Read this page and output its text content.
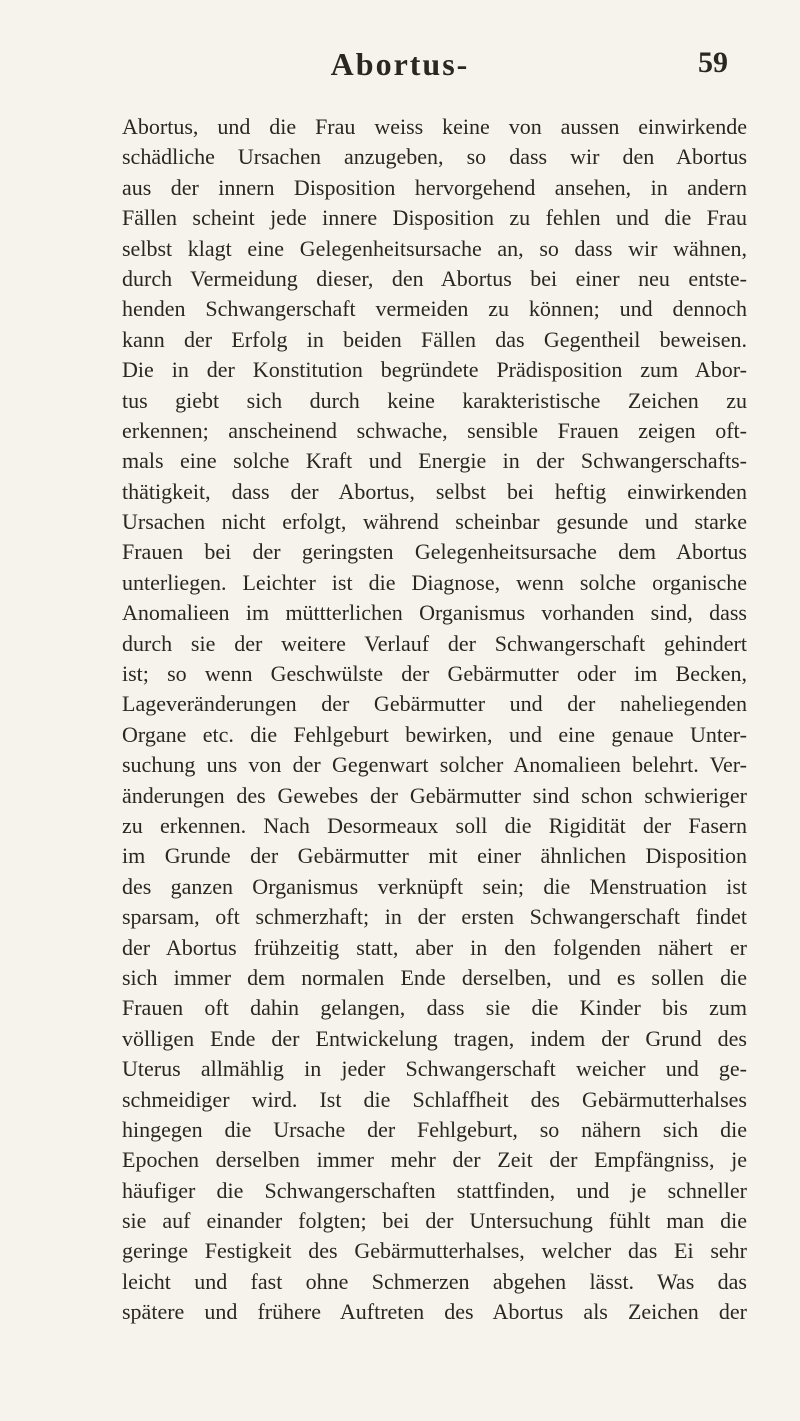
Abortus-	59
Abortus, und die Frau weiss keine von aussen einwirkende
schädliche Ursachen anzugeben, so dass wir den Abortus
aus der innern Disposition hervorgehend ansehen, in andern
Fällen scheint jede innere Disposition zu fehlen und die Frau
selbst klagt eine Gelegenheitsursache an, so dass wir wähnen,
durch Vermeidung dieser, den Abortus bei einer neu entste-
henden Schwangerschaft vermeiden zu können; und dennoch
kann der Erfolg in beiden Fällen das Gegentheil beweisen.
Die in der Konstitution begründete Prädisposition zum Abor-
tus giebt sich durch keine karakteristische Zeichen zu
erkennen; anscheinend schwache, sensible Frauen zeigen oft-
mals eine solche Kraft und Energie in der Schwangerschafts-
thätigkeit, dass der Abortus, selbst bei heftig einwirkenden
Ursachen nicht erfolgt, während scheinbar gesunde und starke
Frauen bei der geringsten Gelegenheitsursache dem Abortus
unterliegen. Leichter ist die Diagnose, wenn solche organische
Anomalieen im müttterlichen Organismus vorhanden sind, dass
durch sie der weitere Verlauf der Schwangerschaft gehindert
ist; so wenn Geschwülste der Gebärmutter oder im Becken,
Lageveränderungen der Gebärmutter und der naheliegenden
Organe etc. die Fehlgeburt bewirken, und eine genaue Unter-
suchung uns von der Gegenwart solcher Anomalieen belehrt. Ver-
änderungen des Gewebes der Gebärmutter sind schon schwieriger
zu erkennen. Nach Desormeaux soll die Rigidität der Fasern
im Grunde der Gebärmutter mit einer ähnlichen Disposition
des ganzen Organismus verknüpft sein; die Menstruation ist
sparsam, oft schmerzhaft; in der ersten Schwangerschaft findet
der Abortus frühzeitig statt, aber in den folgenden nähert er
sich immer dem normalen Ende derselben, und es sollen die
Frauen oft dahin gelangen, dass sie die Kinder bis zum
völligen Ende der Entwickelung tragen, indem der Grund des
Uterus allmählig in jeder Schwangerschaft weicher und ge-
schmeidiger wird. Ist die Schlaffheit des Gebärmutterhalses
hingegen die Ursache der Fehlgeburt, so nähern sich die
Epochen derselben immer mehr der Zeit der Empfängniss, je
häufiger die Schwangerschaften stattfinden, und je schneller
sie auf einander folgten; bei der Untersuchung fühlt man die
geringe Festigkeit des Gebärmutterhalses, welcher das Ei sehr
leicht und fast ohne Schmerzen abgehen lässt. Was das
spätere und frühere Auftreten des Abortus als Zeichen der
